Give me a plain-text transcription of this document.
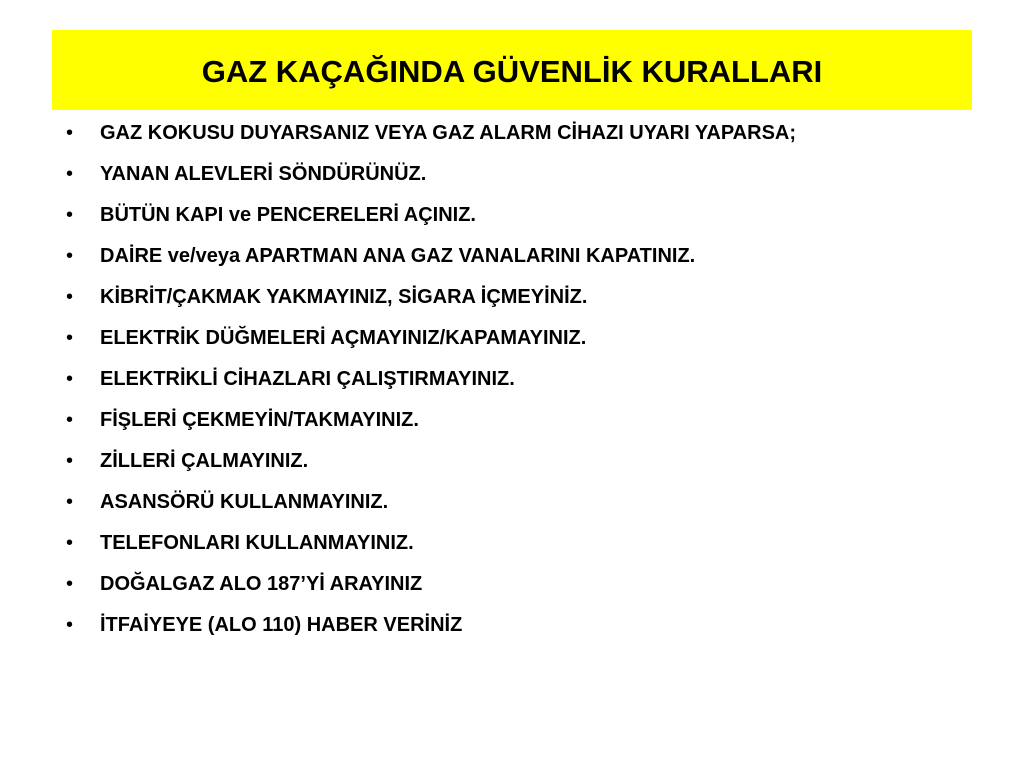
GAZ KAÇAĞINDA GÜVENLİK KURALLARI
•	GAZ KOKUSU DUYARSANIZ VEYA GAZ ALARM CİHAZI UYARI YAPARSA;
•	YANAN ALEVLERİ SÖNDÜRÜNÜZ.
•	BÜTÜN KAPI ve PENCERELERİ AÇINIZ.
•	DAİRE ve/veya APARTMAN ANA GAZ VANALARINI KAPATINIZ.
•	KİBRİT/ÇAKMAK YAKMAYINIZ, SİGARA İÇMEYİNİZ.
•	ELEKTRİK DÜĞMELERİ AÇMAYINIZ/KAPAMAYINIZ.
•	ELEKTRİKLİ CİHAZLARI ÇALIŞTIRMAYINIZ.
•	FİŞLERİ ÇEKMEYİN/TAKMAYINIZ.
•	ZİLLERİ ÇALMAYINIZ.
•	ASANSÖRÜ KULLANMAYINIZ.
•	TELEFONLARI KULLANMAYINIZ.
•	DOĞALGAZ ALO 187’Yİ ARAYINIZ
•	İTFAİYEYE (ALO 110) HABER VERİNİZ
